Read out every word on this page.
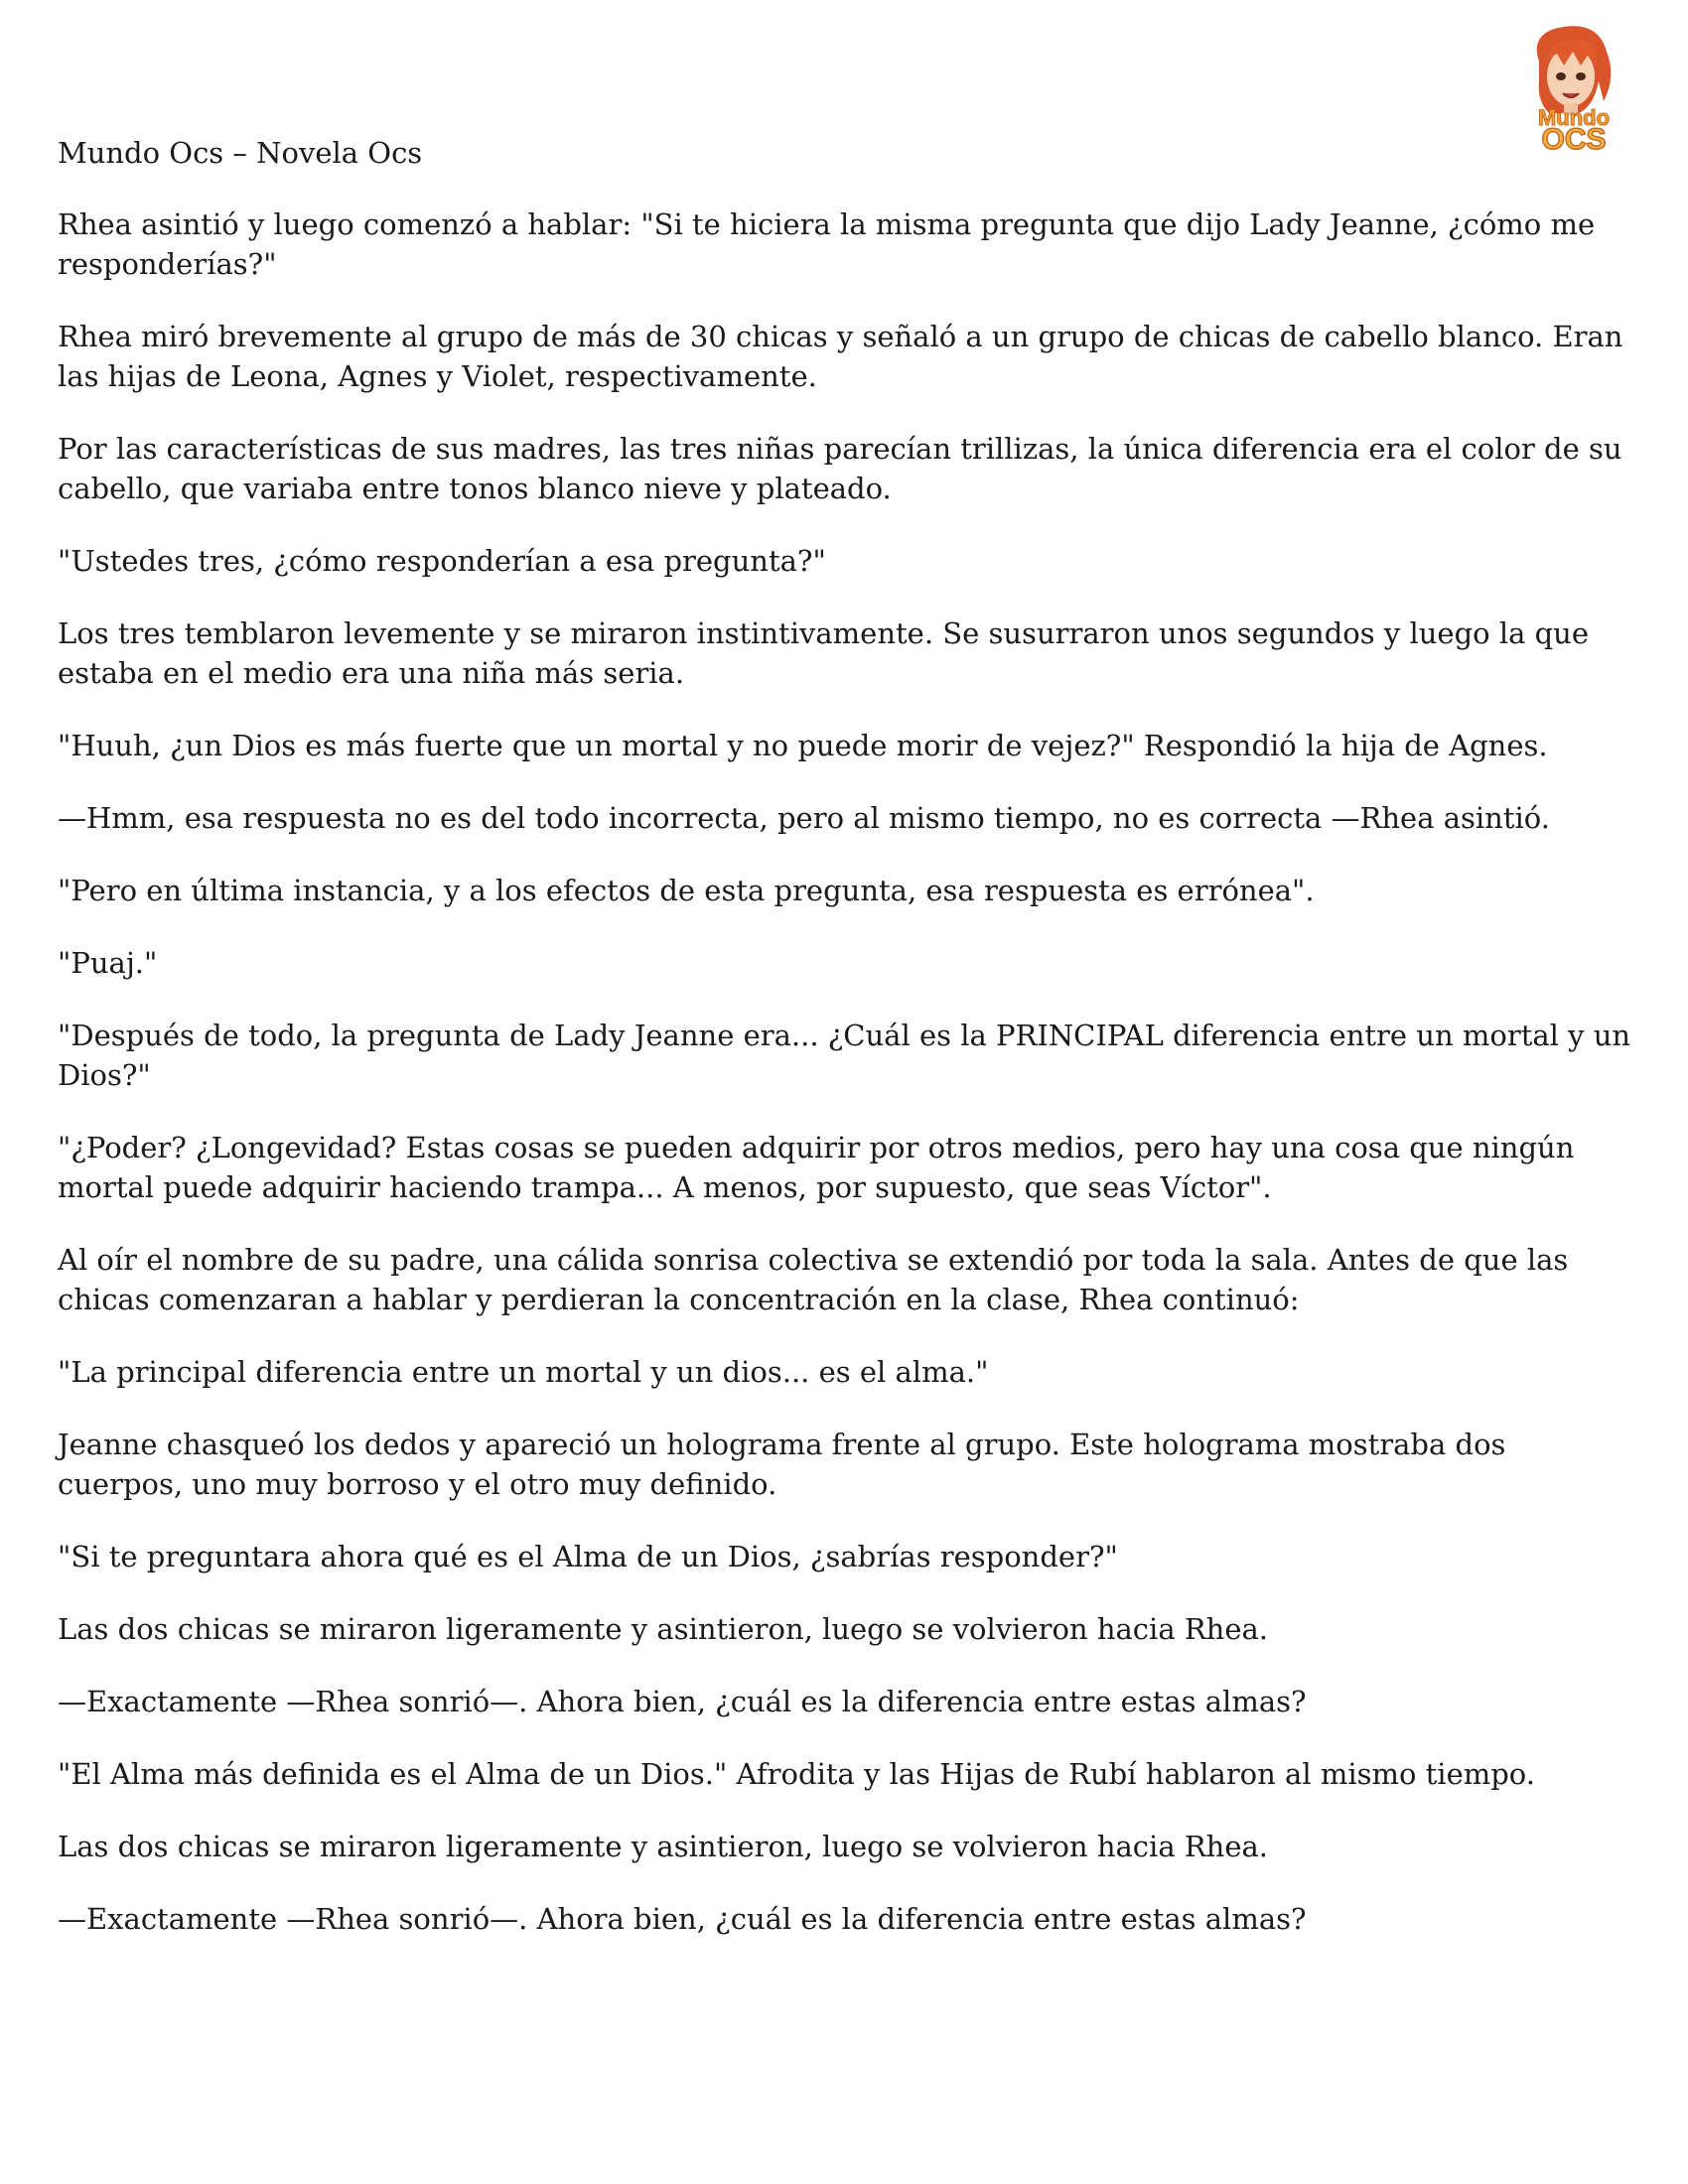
Mundo
OCS

Mundo Ocs – Novela Ocs

Rhea asintió y luego comenzó a hablar: "Si te hiciera la misma pregunta que dijo Lady Jeanne, ¿cómo me responderías?"

Rhea miró brevemente al grupo de más de 30 chicas y señaló a un grupo de chicas de cabello blanco. Eran las hijas de Leona, Agnes y Violet, respectivamente.

Por las características de sus madres, las tres niñas parecían trillizas, la única diferencia era el color de su cabello, que variaba entre tonos blanco nieve y plateado.

"Ustedes tres, ¿cómo responderían a esa pregunta?"

Los tres temblaron levemente y se miraron instintivamente. Se susurraron unos segundos y luego la que estaba en el medio era una niña más seria.

"Huuh, ¿un Dios es más fuerte que un mortal y no puede morir de vejez?" Respondió la hija de Agnes.

—Hmm, esa respuesta no es del todo incorrecta, pero al mismo tiempo, no es correcta —Rhea asintió.

"Pero en última instancia, y a los efectos de esta pregunta, esa respuesta es errónea".

"Puaj."

"Después de todo, la pregunta de Lady Jeanne era... ¿Cuál es la PRINCIPAL diferencia entre un mortal y un Dios?"

"¿Poder? ¿Longevidad? Estas cosas se pueden adquirir por otros medios, pero hay una cosa que ningún mortal puede adquirir haciendo trampa... A menos, por supuesto, que seas Víctor".

Al oír el nombre de su padre, una cálida sonrisa colectiva se extendió por toda la sala. Antes de que las chicas comenzaran a hablar y perdieran la concentración en la clase, Rhea continuó:

"La principal diferencia entre un mortal y un dios... es el alma."

Jeanne chasqueó los dedos y apareció un holograma frente al grupo. Este holograma mostraba dos cuerpos, uno muy borroso y el otro muy definido.

"Si te preguntara ahora qué es el Alma de un Dios, ¿sabrías responder?"

Las dos chicas se miraron ligeramente y asintieron, luego se volvieron hacia Rhea.

—Exactamente —Rhea sonrió—. Ahora bien, ¿cuál es la diferencia entre estas almas?

"El Alma más definida es el Alma de un Dios." Afrodita y las Hijas de Rubí hablaron al mismo tiempo.

Las dos chicas se miraron ligeramente y asintieron, luego se volvieron hacia Rhea.

—Exactamente —Rhea sonrió—. Ahora bien, ¿cuál es la diferencia entre estas almas?
